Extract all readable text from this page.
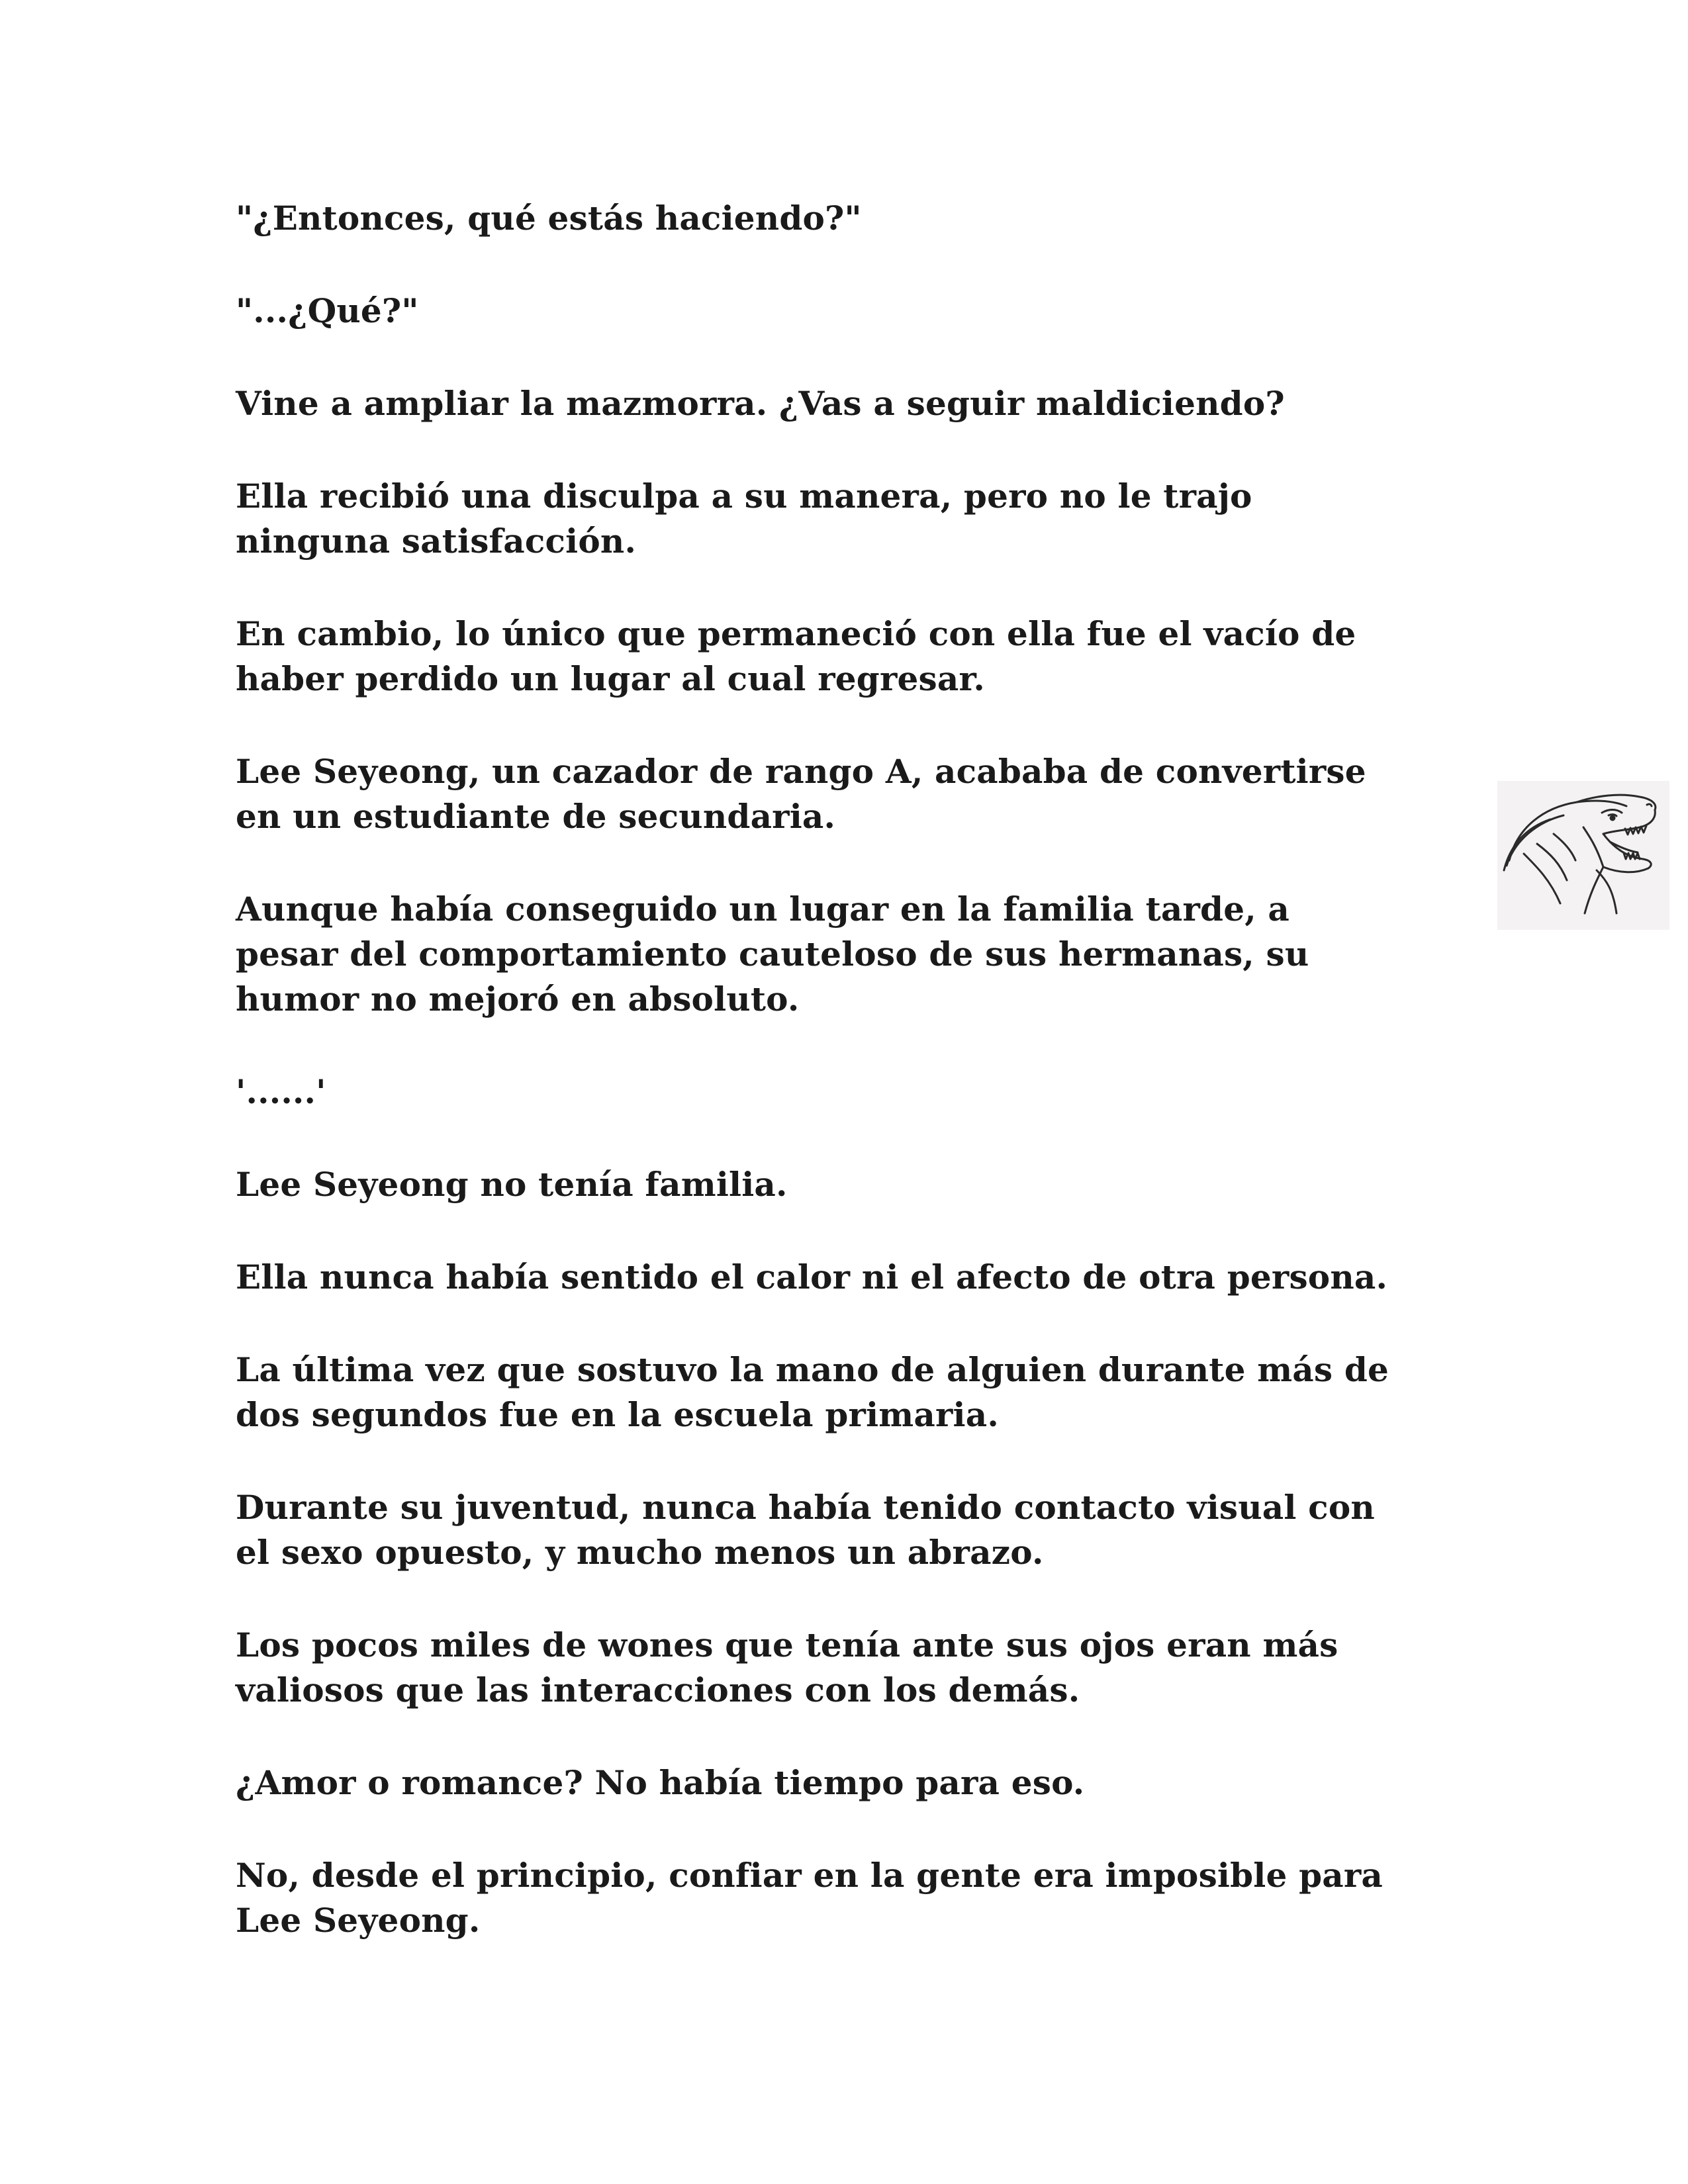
"¿Entonces, qué estás haciendo?"

"...¿Qué?"

Vine a ampliar la mazmorra. ¿Vas a seguir maldiciendo?

Ella recibió una disculpa a su manera, pero no le trajo
ninguna satisfacción.

En cambio, lo único que permaneció con ella fue el vacío de
haber perdido un lugar al cual regresar.

Lee Seyeong, un cazador de rango A, acababa de convertirse
en un estudiante de secundaria.

Aunque había conseguido un lugar en la familia tarde, a
pesar del comportamiento cauteloso de sus hermanas, su
humor no mejoró en absoluto.

'......'

Lee Seyeong no tenía familia.

Ella nunca había sentido el calor ni el afecto de otra persona.

La última vez que sostuvo la mano de alguien durante más de
dos segundos fue en la escuela primaria.

Durante su juventud, nunca había tenido contacto visual con
el sexo opuesto, y mucho menos un abrazo.

Los pocos miles de wones que tenía ante sus ojos eran más
valiosos que las interacciones con los demás.

¿Amor o romance? No había tiempo para eso.

No, desde el principio, confiar en la gente era imposible para
Lee Seyeong.
